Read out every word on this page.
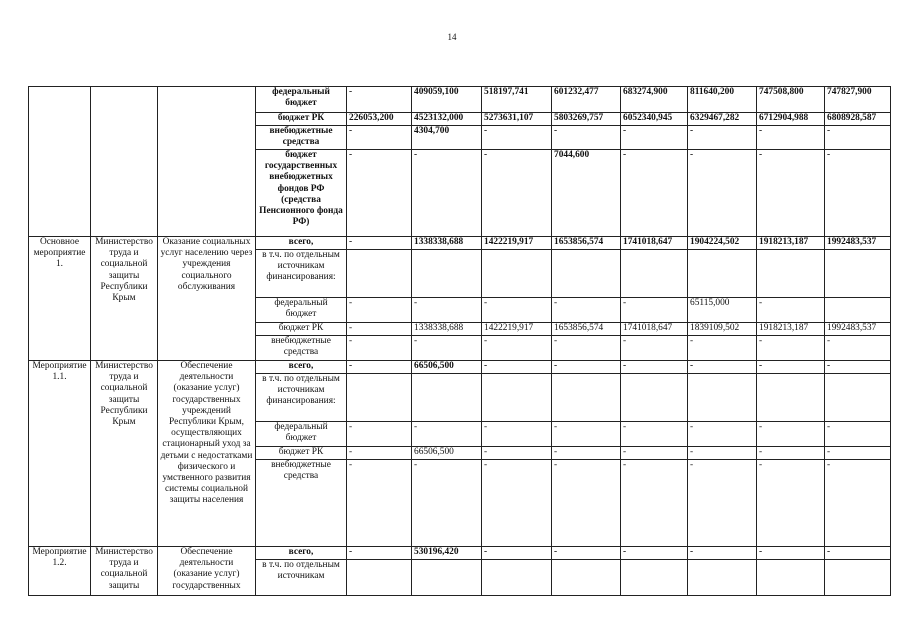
14
			федеральный бюджет	-	409059,100	518197,741	601232,477	683274,900	811640,200	747508,800	747827,900
			бюджет РК	226053,200	4523132,000	5273631,107	5803269,757	6052340,945	6329467,282	6712904,988	6808928,587
			внебюджетные средства	-	4304,700	-	-	-	-	-	-
			бюджет государственных внебюджетных фондов РФ (средства Пенсионного фонда РФ)	-	-	-	7044,600	-	-	-	-
Основное мероприятие 1.	Министерство труда и социальной защиты Республики Крым	Оказание социальных услуг населению через учреждения социального обслуживания	всего,	-	1338338,688	1422219,917	1653856,574	1741018,647	1904224,502	1918213,187	1992483,537
			в т.ч. по отдельным источникам финансирования:								
			федеральный бюджет	-	-	-	-	-	65115,000	-	
			бюджет РК	-	1338338,688	1422219,917	1653856,574	1741018,647	1839109,502	1918213,187	1992483,537
			внебюджетные средства	-	-	-	-	-	-	-	-
Мероприятие 1.1.	Министерство труда и социальной защиты Республики Крым	Обеспечение деятельности (оказание услуг) государственных учреждений Республики Крым, осуществляющих стационарный уход за детьми с недостатками физического и умственного развития системы социальной защиты населения	всего,	-	66506,500	-	-	-	-	-	-
			в т.ч. по отдельным источникам финансирования:								
			федеральный бюджет	-	-	-	-	-	-	-	-
			бюджет РК	-	66506,500	-	-	-	-	-	-
			внебюджетные средства	-	-	-	-	-	-	-	-
Мероприятие 1.2.	Министерство труда и социальной защиты	Обеспечение деятельности (оказание услуг) государственных	всего,	-	530196,420	-	-	-	-	-	-
			в т.ч. по отдельным источникам								
